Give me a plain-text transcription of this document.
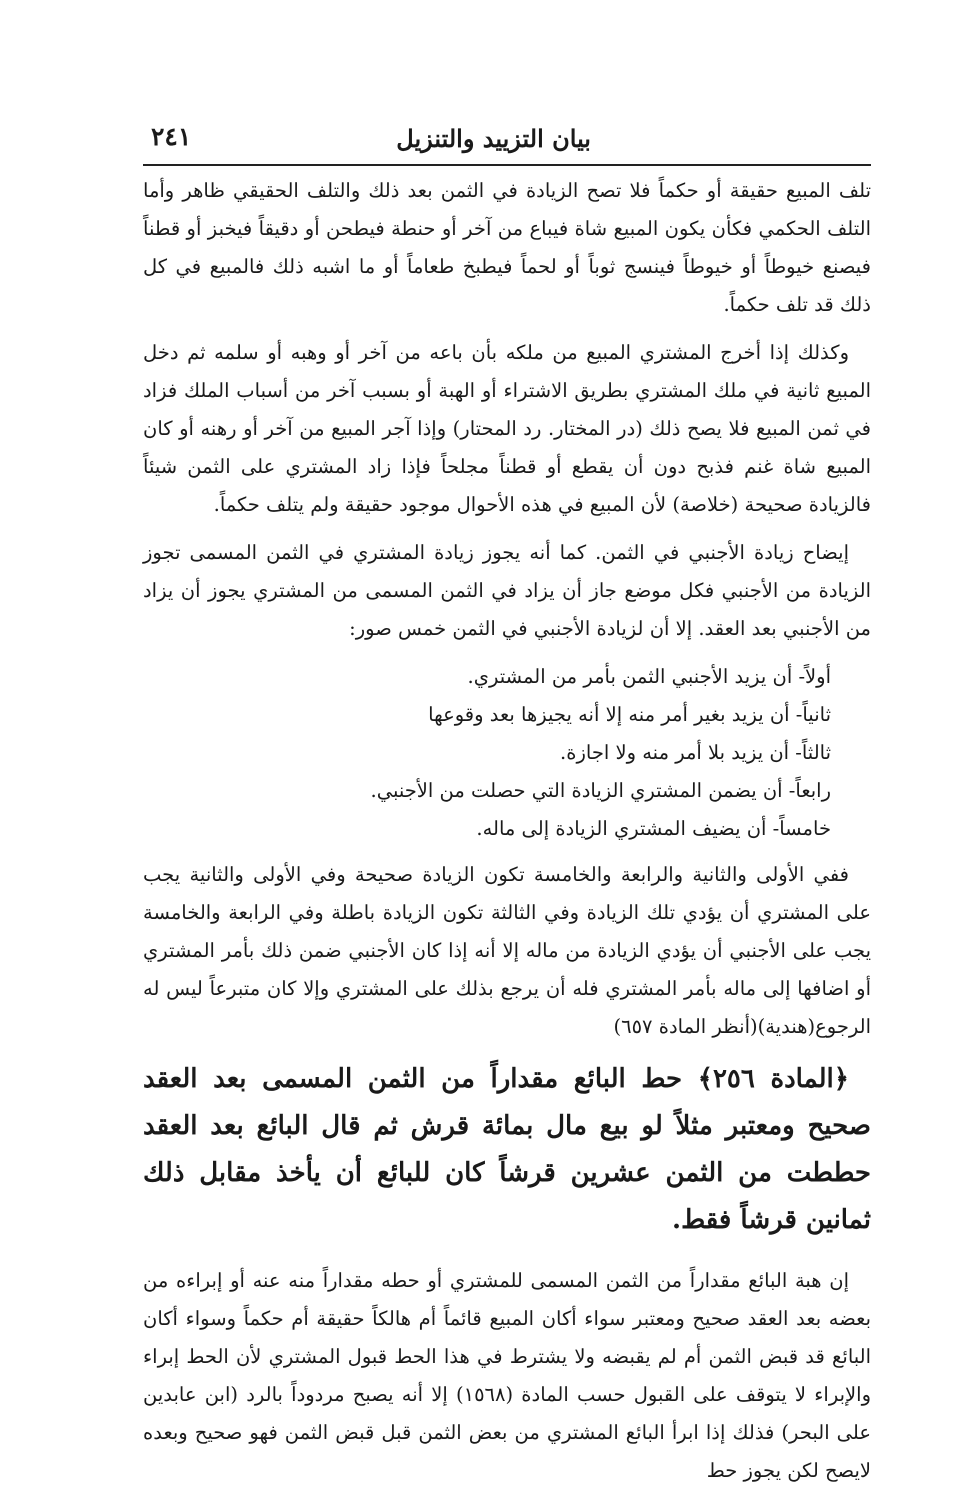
بيان التزييد والتنزيل
٢٤١

تلف المبيع حقيقة أو حكماً فلا تصح الزيادة في الثمن بعد ذلك والتلف الحقيقي ظاهر وأما التلف الحكمي فكأن يكون المبيع شاة فيباع من آخر أو حنطة فيطحن أو دقيقاً فيخبز أو قطناً فيصنع خيوطاً أو خيوطاً فينسج ثوباً أو لحماً فيطبخ طعاماً أو ما اشبه ذلك فالمبيع في كل ذلك قد تلف حكماً.

وكذلك إذا أخرج المشتري المبيع من ملكه بأن باعه من آخر أو وهبه أو سلمه ثم دخل المبيع ثانية في ملك المشتري بطريق الاشتراء أو الهبة أو بسبب آخر من أسباب الملك فزاد في ثمن المبيع فلا يصح ذلك (در المختار. رد المحتار) وإذا آجر المبيع من آخر أو رهنه أو كان المبيع شاة غنم فذبح دون أن يقطع أو قطناً مجلحاً فإذا زاد المشتري على الثمن شيئاً فالزيادة صحيحة (خلاصة) لأن المبيع في هذه الأحوال موجود حقيقة ولم يتلف حكماً.

إيضاح زيادة الأجنبي في الثمن. كما أنه يجوز زيادة المشتري في الثمن المسمى تجوز الزيادة من الأجنبي فكل موضع جاز أن يزاد في الثمن المسمى من المشتري يجوز أن يزاد من الأجنبي بعد العقد. إلا أن لزيادة الأجنبي في الثمن خمس صور:

أولاً- أن يزيد الأجنبي الثمن بأمر من المشتري.
ثانياً- أن يزيد بغير أمر منه إلا أنه يجيزها بعد وقوعها
ثالثاً- أن يزيد بلا أمر منه ولا اجازة.
رابعاً- أن يضمن المشتري الزيادة التي حصلت من الأجنبي.
خامساً- أن يضيف المشتري الزيادة إلى ماله.

ففي الأولى والثانية والرابعة والخامسة تكون الزيادة صحيحة وفي الأولى والثانية يجب على المشتري أن يؤدي تلك الزيادة وفي الثالثة تكون الزيادة باطلة وفي الرابعة والخامسة يجب على الأجنبي أن يؤدي الزيادة من ماله إلا أنه إذا كان الأجنبي ضمن ذلك بأمر المشتري أو اضافها إلى ماله بأمر المشتري فله أن يرجع بذلك على المشتري وإلا كان متبرعاً ليس له الرجوع(هندية)(أنظر المادة ٦٥٧)

﴿المادة ٢٥٦﴾ حط البائع مقداراً من الثمن المسمى بعد العقد صحيح ومعتبر مثلاً لو بيع مال بمائة قرش ثم قال البائع بعد العقد حططت من الثمن عشرين قرشاً كان للبائع أن يأخذ مقابل ذلك ثمانين قرشاً فقط.

إن هبة البائع مقداراً من الثمن المسمى للمشتري أو حطه مقداراً منه عنه أو إبراءه من بعضه بعد العقد صحيح ومعتبر سواء أكان المبيع قائماً أم هالكاً حقيقة أم حكماً وسواء أكان البائع قد قبض الثمن أم لم يقبضه ولا يشترط في هذا الحط قبول المشتري لأن الحط إبراء والإبراء لا يتوقف على القبول حسب المادة (١٥٦٨) إلا أنه يصبح مردوداً بالرد (ابن عابدين على البحر) فذلك إذا ابرأ البائع المشتري من بعض الثمن قبل قبض الثمن فهو صحيح وبعده لايصح لكن يجوز حط
